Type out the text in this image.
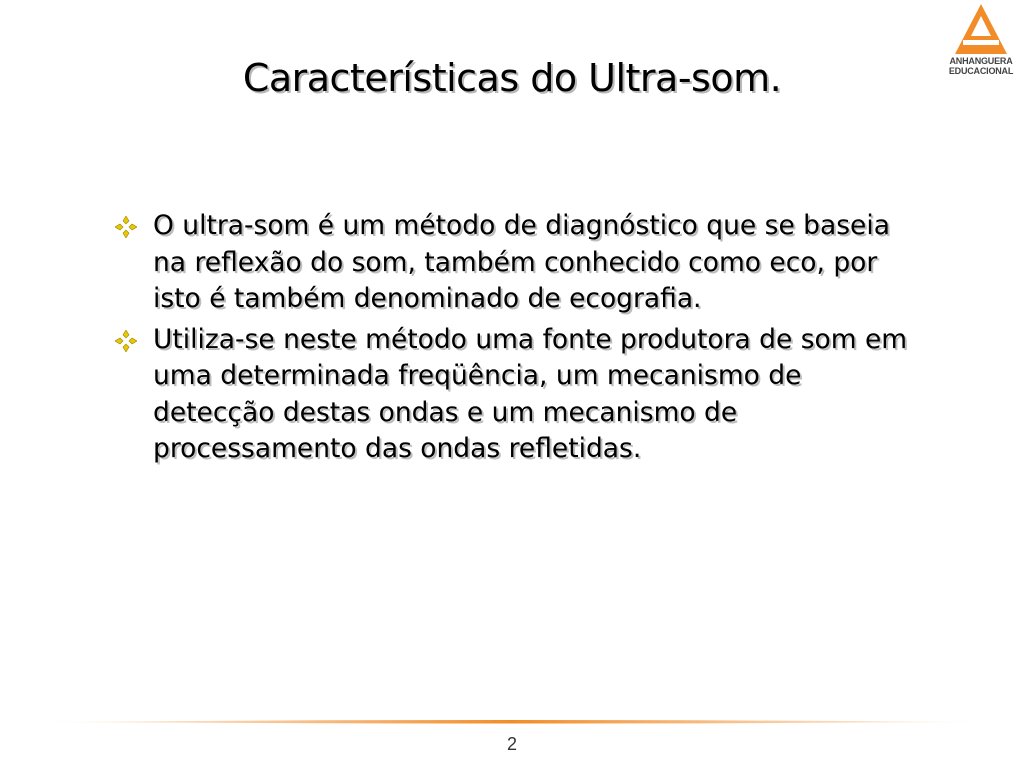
ANHANGUERA
EDUCACIONAL
Características do Ultra-som.
O ultra-som é um método de diagnóstico que se baseia na reflexão do som, também conhecido como eco, por isto é também denominado de ecografia.
Utiliza-se neste método uma fonte produtora de som em uma determinada freqüência, um mecanismo de detecção destas ondas e um mecanismo de processamento das ondas refletidas.
2
